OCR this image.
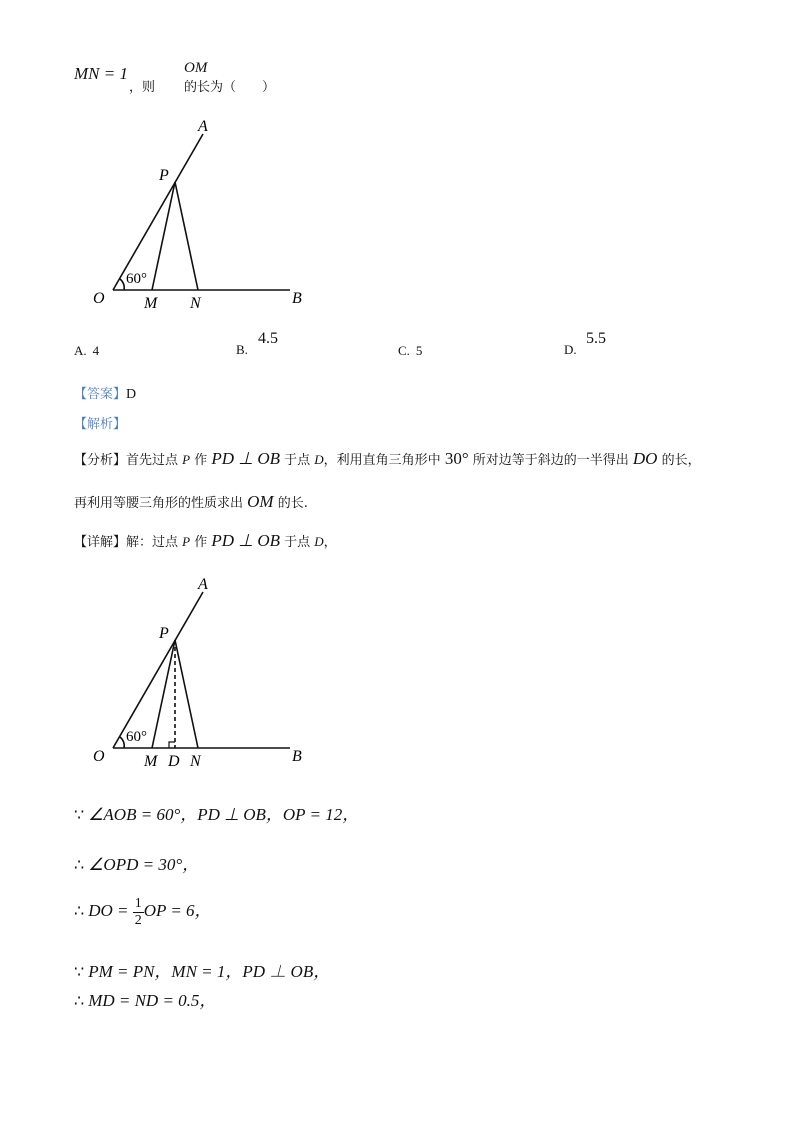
MN = 1
，则
OM
的长为（　　）
A
P
O M N	B
60°
A. 4	B.
4.5
C. 5	D.
5.5
【答案】D
【解析】
【分析】首先过点 P 作 PD ⊥ OB 于点 D，利用直角三角形中 30° 所对边等于斜边的一半得出 DO 的长，
再利用等腰三角形的性质求出 OM 的长.
【详解】解：过点 P 作 PD ⊥ OB 于点 D，
A
P
O M D N	B
60°
∵ ∠AOB = 60°，PD ⊥ OB，OP = 12，
∴ ∠OPD = 30°，
∴ DO = $\frac{1}{2}$ OP = 6，
∵ PM = PN，MN = 1，PD ⊥ OB，
∴ MD = ND = 0.5，
